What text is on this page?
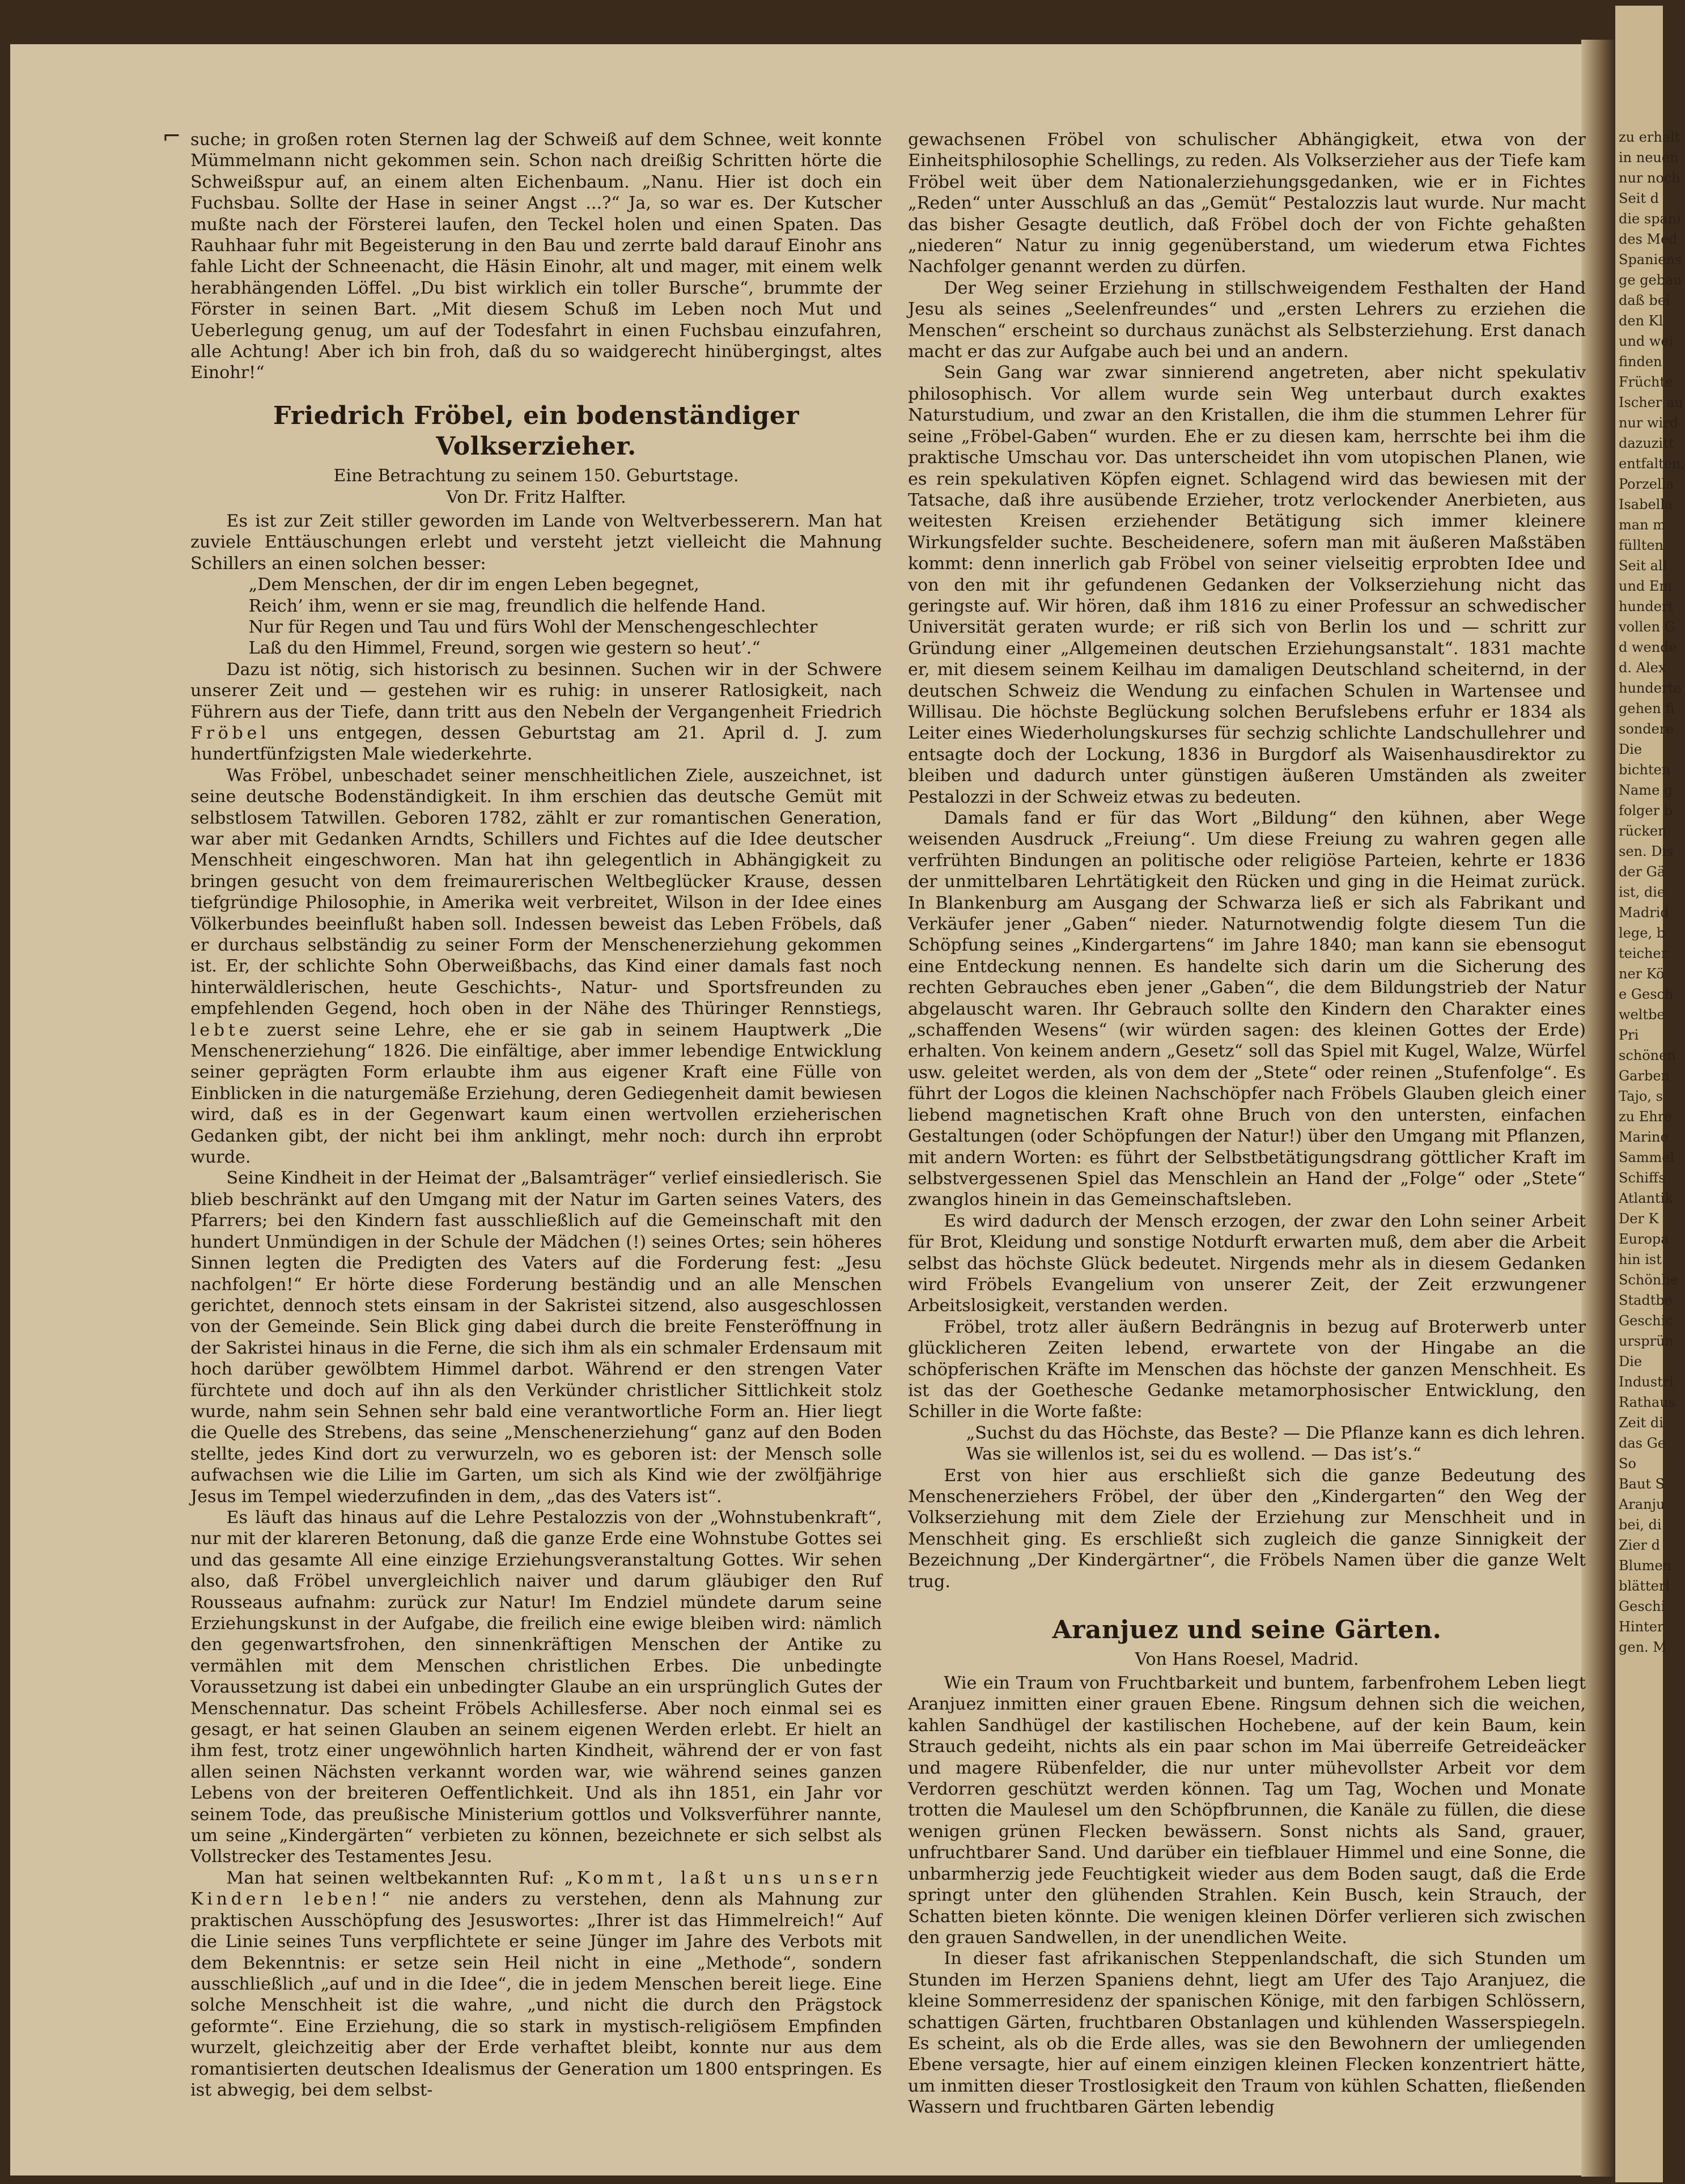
zu erhalt
in neuen
nur noch
Seit d
die spani
des Med
Spaniens
ge gebau
daß bei
den Kl
und wei
finden
Früchte
Ischer au
nur wird
dazuzitt
entfalten,
Porzella
Isabella
man m
füllten
Seit all
und Em
hundert
vollen G
d wende
d. Alex
hunderte
gehen fi
sondere
Die
bichten
Name g
folger b
rücken
sen. Dis
der Gä
ist, die
Madrid
lege, b
teicher
ner Kö
e Gesch
weltbe
Pri
schönen
Garben
Tajo, s
zu Ehre
Marine
Sammel
Schiffs
Atlantik
Der K
Europa
hin ist
Schönhe
Stadtbe
Geschic
ursprün
Die
Industri
Rathaus
Zeit di
das Ge
So
Baut S
Aranju
bei, di
Zier d
Blumen
blätterl
Geschi
Hinter
gen. M
⌐ suche; in großen roten Sternen lag der Schweiß auf dem Schnee, weit konnte Mümmelmann nicht gekommen sein. Schon nach dreißig Schritten hörte die Schweißspur auf, an einem alten Eichenbaum. „Nanu. Hier ist doch ein Fuchsbau. Sollte der Hase in seiner Angst ...?“ Ja, so war es. Der Kutscher mußte nach der Försterei laufen, den Teckel holen und einen Spaten. Das Rauhhaar fuhr mit Begeisterung in den Bau und zerrte bald darauf Einohr ans fahle Licht der Schneenacht, die Häsin Einohr, alt und mager, mit einem welk herabhängenden Löffel. „Du bist wirklich ein toller Bursche“, brummte der Förster in seinen Bart. „Mit diesem Schuß im Leben noch Mut und Ueberlegung genug, um auf der Todesfahrt in einen Fuchsbau einzufahren, alle Achtung! Aber ich bin froh, daß du so waidgerecht hinübergingst, altes Einohr!“

Friedrich Fröbel, ein bodenständiger Volkserzieher.
Eine Betrachtung zu seinem 150. Geburtstage.
Von Dr. Fritz Halfter.

Es ist zur Zeit stiller geworden im Lande von Weltverbesserern. Man hat zuviele Enttäuschungen erlebt und versteht jetzt vielleicht die Mahnung Schillers an einen solchen besser:

„Dem Menschen, der dir im engen Leben begegnet,
Reich’ ihm, wenn er sie mag, freundlich die helfende Hand.
Nur für Regen und Tau und fürs Wohl der Menschengeschlechter
Laß du den Himmel, Freund, sorgen wie gestern so heut’.“

Dazu ist nötig, sich historisch zu besinnen. Suchen wir in der Schwere unserer Zeit und — gestehen wir es ruhig: in unserer Ratlosigkeit, nach Führern aus der Tiefe, dann tritt aus den Nebeln der Vergangenheit Friedrich Fröbel uns entgegen, dessen Geburtstag am 21. April d. J. zum hundertfünfzigsten Male wiederkehrte.

Was Fröbel, unbeschadet seiner menschheitlichen Ziele, auszeichnet, ist seine deutsche Bodenständigkeit. In ihm erschien das deutsche Gemüt mit selbstlosem Tatwillen. Geboren 1782, zählt er zur romantischen Generation, war aber mit Gedanken Arndts, Schillers und Fichtes auf die Idee deutscher Menschheit eingeschworen. Man hat ihn gelegentlich in Abhängigkeit zu bringen gesucht von dem freimaurerischen Weltbeglücker Krause, dessen tiefgründige Philosophie, in Amerika weit verbreitet, Wilson in der Idee eines Völkerbundes beeinflußt haben soll. Indessen beweist das Leben Fröbels, daß er durchaus selbständig zu seiner Form der Menschenerziehung gekommen ist. Er, der schlichte Sohn Oberweißbachs, das Kind einer damals fast noch hinterwäldlerischen, heute Geschichts-, Natur- und Sportsfreunden zu empfehlenden Gegend, hoch oben in der Nähe des Thüringer Rennstiegs, lebte zuerst seine Lehre, ehe er sie gab in seinem Hauptwerk „Die Menschenerziehung“ 1826. Die einfältige, aber immer lebendige Entwicklung seiner geprägten Form erlaubte ihm aus eigener Kraft eine Fülle von Einblicken in die naturgemäße Erziehung, deren Gediegenheit damit bewiesen wird, daß es in der Gegenwart kaum einen wertvollen erzieherischen Gedanken gibt, der nicht bei ihm anklingt, mehr noch: durch ihn erprobt wurde.

Seine Kindheit in der Heimat der „Balsamträger“ verlief einsiedlerisch. Sie blieb beschränkt auf den Umgang mit der Natur im Garten seines Vaters, des Pfarrers; bei den Kindern fast ausschließlich auf die Gemeinschaft mit den hundert Unmündigen in der Schule der Mädchen (!) seines Ortes; sein höheres Sinnen legten die Predigten des Vaters auf die Forderung fest: „Jesu nachfolgen!“ Er hörte diese Forderung beständig und an alle Menschen gerichtet, dennoch stets einsam in der Sakristei sitzend, also ausgeschlossen von der Gemeinde. Sein Blick ging dabei durch die breite Fensteröffnung in der Sakristei hinaus in die Ferne, die sich ihm als ein schmaler Erdensaum mit hoch darüber gewölbtem Himmel darbot. Während er den strengen Vater fürchtete und doch auf ihn als den Verkünder christlicher Sittlichkeit stolz wurde, nahm sein Sehnen sehr bald eine verantwortliche Form an. Hier liegt die Quelle des Strebens, das seine „Menschenerziehung“ ganz auf den Boden stellte, jedes Kind dort zu verwurzeln, wo es geboren ist: der Mensch solle aufwachsen wie die Lilie im Garten, um sich als Kind wie der zwölfjährige Jesus im Tempel wiederzufinden in dem, „das des Vaters ist“.

Es läuft das hinaus auf die Lehre Pestalozzis von der „Wohnstubenkraft“, nur mit der klareren Betonung, daß die ganze Erde eine Wohnstube Gottes sei und das gesamte All eine einzige Erziehungsveranstaltung Gottes. Wir sehen also, daß Fröbel unvergleichlich naiver und darum gläubiger den Ruf Rousseaus aufnahm: zurück zur Natur! Im Endziel mündete darum seine Erziehungskunst in der Aufgabe, die freilich eine ewige bleiben wird: nämlich den gegenwartsfrohen, den sinnenkräftigen Menschen der Antike zu vermählen mit dem Menschen christlichen Erbes. Die unbedingte Voraussetzung ist dabei ein unbedingter Glaube an ein ursprünglich Gutes der Menschennatur. Das scheint Fröbels Achillesferse. Aber noch einmal sei es gesagt, er hat seinen Glauben an seinem eigenen Werden erlebt. Er hielt an ihm fest, trotz einer ungewöhnlich harten Kindheit, während der er von fast allen seinen Nächsten verkannt worden war, wie während seines ganzen Lebens von der breiteren Oeffentlichkeit. Und als ihn 1851, ein Jahr vor seinem Tode, das preußische Ministerium gottlos und Volksverführer nannte, um seine „Kindergärten“ verbieten zu können, bezeichnete er sich selbst als Vollstrecker des Testamentes Jesu.

Man hat seinen weltbekannten Ruf: „Kommt, laßt uns unsern Kindern leben!“ nie anders zu verstehen, denn als Mahnung zur praktischen Ausschöpfung des Jesuswortes: „Ihrer ist das Himmelreich!“ Auf die Linie seines Tuns verpflichtete er seine Jünger im Jahre des Verbots mit dem Bekenntnis: er setze sein Heil nicht in eine „Methode“, sondern ausschließlich „auf und in die Idee“, die in jedem Menschen bereit liege. Eine solche Menschheit ist die wahre, „und nicht die durch den Prägstock geformte“. Eine Erziehung, die so stark in mystisch-religiösem Empfinden wurzelt, gleichzeitig aber der Erde verhaftet bleibt, konnte nur aus dem romantisierten deutschen Idealismus der Generation um 1800 entspringen. Es ist abwegig, bei dem selbst-

gewachsenen Fröbel von schulischer Abhängigkeit, etwa von der Einheitsphilosophie Schellings, zu reden. Als Volkserzieher aus der Tiefe kam Fröbel weit über dem Nationalerziehungsgedanken, wie er in Fichtes „Reden“ unter Ausschluß an das „Gemüt“ Pestalozzis laut wurde. Nur macht das bisher Gesagte deutlich, daß Fröbel doch der von Fichte gehaßten „niederen“ Natur zu innig gegenüberstand, um wiederum etwa Fichtes Nachfolger genannt werden zu dürfen.

Der Weg seiner Erziehung in stillschweigendem Festhalten der Hand Jesu als seines „Seelenfreundes“ und „ersten Lehrers zu erziehen die Menschen“ erscheint so durchaus zunächst als Selbsterziehung. Erst danach macht er das zur Aufgabe auch bei und an andern.

Sein Gang war zwar sinnierend angetreten, aber nicht spekulativ philosophisch. Vor allem wurde sein Weg unterbaut durch exaktes Naturstudium, und zwar an den Kristallen, die ihm die stummen Lehrer für seine „Fröbel-Gaben“ wurden. Ehe er zu diesen kam, herrschte bei ihm die praktische Umschau vor. Das unterscheidet ihn vom utopischen Planen, wie es rein spekulativen Köpfen eignet. Schlagend wird das bewiesen mit der Tatsache, daß ihre ausübende Erzieher, trotz verlockender Anerbieten, aus weitesten Kreisen erziehender Betätigung sich immer kleinere Wirkungsfelder suchte. Bescheidenere, sofern man mit äußeren Maßstäben kommt: denn innerlich gab Fröbel von seiner vielseitig erprobten Idee und von den mit ihr gefundenen Gedanken der Volkserziehung nicht das geringste auf. Wir hören, daß ihm 1816 zu einer Professur an schwedischer Universität geraten wurde; er riß sich von Berlin los und — schritt zur Gründung einer „Allgemeinen deutschen Erziehungsanstalt“. 1831 machte er, mit diesem seinem Keilhau im damaligen Deutschland scheiternd, in der deutschen Schweiz die Wendung zu einfachen Schulen in Wartensee und Willisau. Die höchste Beglückung solchen Berufslebens erfuhr er 1834 als Leiter eines Wiederholungskurses für sechzig schlichte Landschullehrer und entsagte doch der Lockung, 1836 in Burgdorf als Waisenhausdirektor zu bleiben und dadurch unter günstigen äußeren Umständen als zweiter Pestalozzi in der Schweiz etwas zu bedeuten.

Damals fand er für das Wort „Bildung“ den kühnen, aber Wege weisenden Ausdruck „Freiung“. Um diese Freiung zu wahren gegen alle verfrühten Bindungen an politische oder religiöse Parteien, kehrte er 1836 der unmittelbaren Lehrtätigkeit den Rücken und ging in die Heimat zurück. In Blankenburg am Ausgang der Schwarza ließ er sich als Fabrikant und Verkäufer jener „Gaben“ nieder. Naturnotwendig folgte diesem Tun die Schöpfung seines „Kindergartens“ im Jahre 1840; man kann sie ebensogut eine Entdeckung nennen. Es handelte sich darin um die Sicherung des rechten Gebrauches eben jener „Gaben“, die dem Bildungstrieb der Natur abgelauscht waren. Ihr Gebrauch sollte den Kindern den Charakter eines „schaffenden Wesens“ (wir würden sagen: des kleinen Gottes der Erde) erhalten. Von keinem andern „Gesetz“ soll das Spiel mit Kugel, Walze, Würfel usw. geleitet werden, als von dem der „Stete“ oder reinen „Stufenfolge“. Es führt der Logos die kleinen Nachschöpfer nach Fröbels Glauben gleich einer liebend magnetischen Kraft ohne Bruch von den untersten, einfachen Gestaltungen (oder Schöpfungen der Natur!) über den Umgang mit Pflanzen, mit andern Worten: es führt der Selbstbetätigungsdrang göttlicher Kraft im selbstvergessenen Spiel das Menschlein an Hand der „Folge“ oder „Stete“ zwanglos hinein in das Gemeinschaftsleben.

Es wird dadurch der Mensch erzogen, der zwar den Lohn seiner Arbeit für Brot, Kleidung und sonstige Notdurft erwarten muß, dem aber die Arbeit selbst das höchste Glück bedeutet. Nirgends mehr als in diesem Gedanken wird Fröbels Evangelium von unserer Zeit, der Zeit erzwungener Arbeitslosigkeit, verstanden werden.

Fröbel, trotz aller äußern Bedrängnis in bezug auf Broterwerb unter glücklicheren Zeiten lebend, erwartete von der Hingabe an die schöpferischen Kräfte im Menschen das höchste der ganzen Menschheit. Es ist das der Goethesche Gedanke metamorphosischer Entwicklung, den Schiller in die Worte faßte:

„Suchst du das Höchste, das Beste? — Die Pflanze kann es dich lehren.
Was sie willenlos ist, sei du es wollend. — Das ist’s.“

Erst von hier aus erschließt sich die ganze Bedeutung des Menschenerziehers Fröbel, der über den „Kindergarten“ den Weg der Volkserziehung mit dem Ziele der Erziehung zur Menschheit und in Menschheit ging. Es erschließt sich zugleich die ganze Sinnigkeit der Bezeichnung „Der Kindergärtner“, die Fröbels Namen über die ganze Welt trug.

Aranjuez und seine Gärten.
Von Hans Roesel, Madrid.

Wie ein Traum von Fruchtbarkeit und buntem, farbenfrohem Leben liegt Aranjuez inmitten einer grauen Ebene. Ringsum dehnen sich die weichen, kahlen Sandhügel der kastilischen Hochebene, auf der kein Baum, kein Strauch gedeiht, nichts als ein paar schon im Mai überreife Getreideäcker und magere Rübenfelder, die nur unter mühevollster Arbeit vor dem Verdorren geschützt werden können. Tag um Tag, Wochen und Monate trotten die Maulesel um den Schöpfbrunnen, die Kanäle zu füllen, die diese wenigen grünen Flecken bewässern. Sonst nichts als Sand, grauer, unfruchtbarer Sand. Und darüber ein tiefblauer Himmel und eine Sonne, die unbarmherzig jede Feuchtigkeit wieder aus dem Boden saugt, daß die Erde springt unter den glühenden Strahlen. Kein Busch, kein Strauch, der Schatten bieten könnte. Die wenigen kleinen Dörfer verlieren sich zwischen den grauen Sandwellen, in der unendlichen Weite.

In dieser fast afrikanischen Steppenlandschaft, die sich Stunden um Stunden im Herzen Spaniens dehnt, liegt am Ufer des Tajo Aranjuez, die kleine Sommerresidenz der spanischen Könige, mit den farbigen Schlössern, schattigen Gärten, fruchtbaren Obstanlagen und kühlenden Wasserspiegeln. Es scheint, als ob die Erde alles, was sie den Bewohnern der umliegenden Ebene versagte, hier auf einem einzigen kleinen Flecken konzentriert hätte, um inmitten dieser Trostlosigkeit den Traum von kühlen Schatten, fließenden Wassern und fruchtbaren Gärten lebendig
